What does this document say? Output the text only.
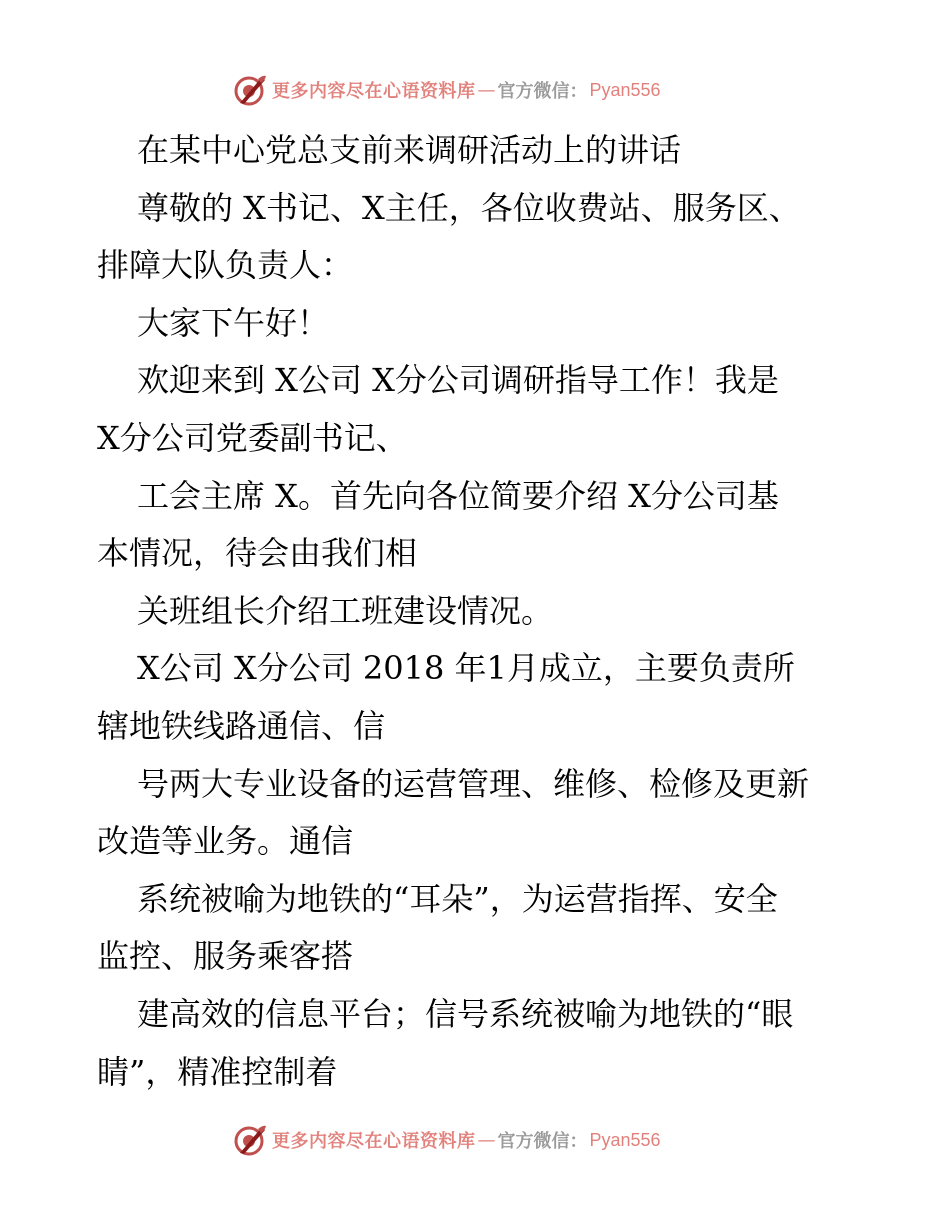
更多内容尽在心语资料库 — 官方微信： Pyan556
在某中心党总支前来调研活动上的讲话
尊敬的 X书记、X主任，各位收费站、服务区、
排障大队负责人：
大家下午好！
欢迎来到 X公司 X分公司调研指导工作！我是
X分公司党委副书记、
工会主席 X。首先向各位简要介绍 X分公司基
本情况，待会由我们相
关班组长介绍工班建设情况。
X公司 X分公司 2018 年1月成立，主要负责所
辖地铁线路通信、信
号两大专业设备的运营管理、维修、检修及更新
改造等业务。通信
系统被喻为地铁的“耳朵”，为运营指挥、安全
监控、服务乘客搭
建高效的信息平台；信号系统被喻为地铁的“眼
睛”，精准控制着
更多内容尽在心语资料库 — 官方微信： Pyan556
